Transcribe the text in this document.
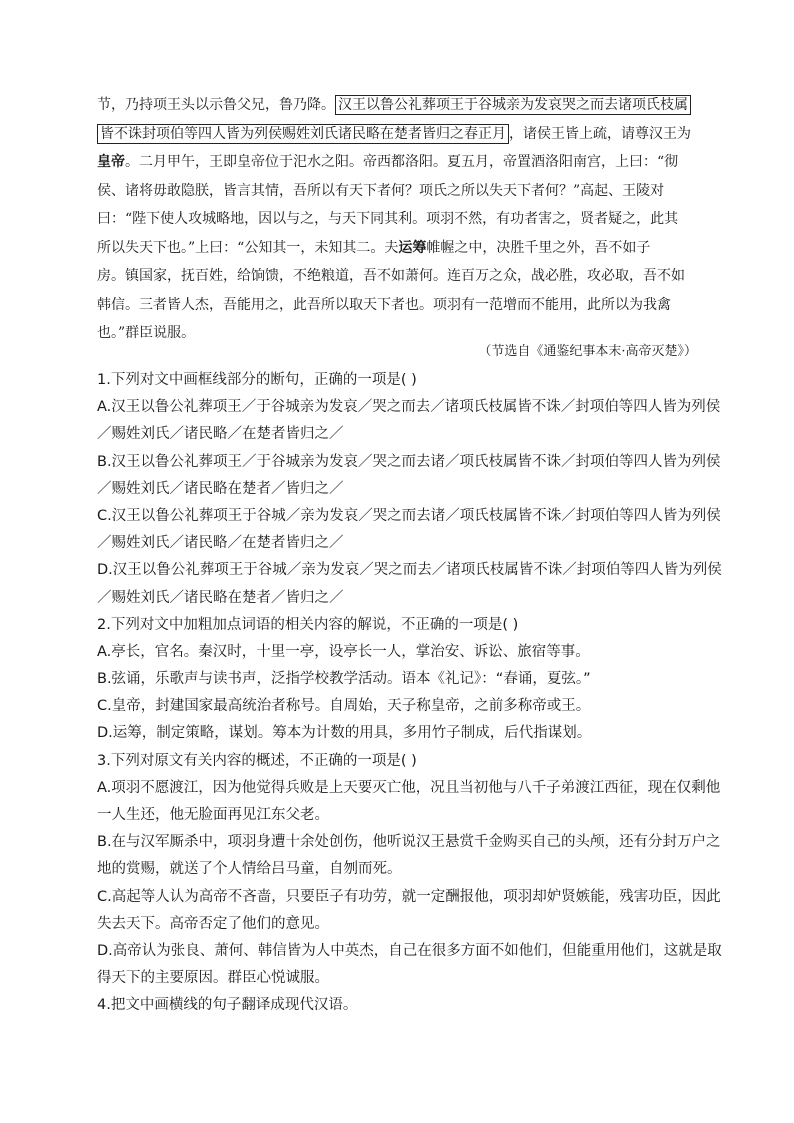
节，乃持项王头以示鲁父兄，鲁乃降。 汉王以鲁公礼葬项王于谷城亲为发哀哭之而去诸项氏枝属
皆不诛封项伯等四人皆为列侯赐姓刘氏诸民略在楚者皆归之春正月 ，诸侯王皆上疏，请尊汉王为
皇帝。二月甲午，王即皇帝位于汜水之阳。帝西都洛阳。夏五月，帝置酒洛阳南宫，上曰：“彻
侯、诸将毋敢隐朕，皆言其情，吾所以有天下者何？项氏之所以失天下者何？”高起、王陵对
曰：“陛下使人攻城略地，因以与之，与天下同其利。项羽不然，有功者害之，贤者疑之，此其
所以失天下也。”上曰：“公知其一，未知其二。夫运筹帷幄之中，决胜千里之外，吾不如子
房。镇国家，抚百姓，给饷馈，不绝粮道，吾不如萧何。连百万之众，战必胜，攻必取，吾不如
韩信。三者皆人杰，吾能用之，此吾所以取天下者也。项羽有一范增而不能用，此所以为我禽
也。”群臣说服。
（节选自《通鉴纪事本末·高帝灭楚》）
1.下列对文中画框线部分的断句，正确的一项是( )
A.汉王以鲁公礼葬项王／于谷城亲为发哀／哭之而去／诸项氏枝属皆不诛／封项伯等四人皆为列侯
／赐姓刘氏／诸民略／在楚者皆归之／
B.汉王以鲁公礼葬项王／于谷城亲为发哀／哭之而去诸／项氏枝属皆不诛／封项伯等四人皆为列侯
／赐姓刘氏／诸民略在楚者／皆归之／
C.汉王以鲁公礼葬项王于谷城／亲为发哀／哭之而去诸／项氏枝属皆不诛／封项伯等四人皆为列侯
／赐姓刘氏／诸民略／在楚者皆归之／
D.汉王以鲁公礼葬项王于谷城／亲为发哀／哭之而去／诸项氏枝属皆不诛／封项伯等四人皆为列侯
／赐姓刘氏／诸民略在楚者／皆归之／
2.下列对文中加粗加点词语的相关内容的解说，不正确的一项是( )
A.亭长，官名。秦汉时，十里一亭，设亭长一人，掌治安、诉讼、旅宿等事。
B.弦诵，乐歌声与读书声，泛指学校教学活动。语本《礼记》：“春诵，夏弦。”
C.皇帝，封建国家最高统治者称号。自周始，天子称皇帝，之前多称帝或王。
D.运筹，制定策略，谋划。筹本为计数的用具，多用竹子制成，后代指谋划。
3.下列对原文有关内容的概述，不正确的一项是( )
A.项羽不愿渡江，因为他觉得兵败是上天要灭亡他，况且当初他与八千子弟渡江西征，现在仅剩他
一人生还，他无脸面再见江东父老。
B.在与汉军厮杀中，项羽身遭十余处创伤，他听说汉王悬赏千金购买自己的头颅，还有分封万户之
地的赏赐，就送了个人情给吕马童，自刎而死。
C.高起等人认为高帝不吝啬，只要臣子有功劳，就一定酬报他，项羽却妒贤嫉能，残害功臣，因此
失去天下。高帝否定了他们的意见。
D.高帝认为张良、萧何、韩信皆为人中英杰，自己在很多方面不如他们，但能重用他们，这就是取
得天下的主要原因。群臣心悦诚服。
4.把文中画横线的句子翻译成现代汉语。
